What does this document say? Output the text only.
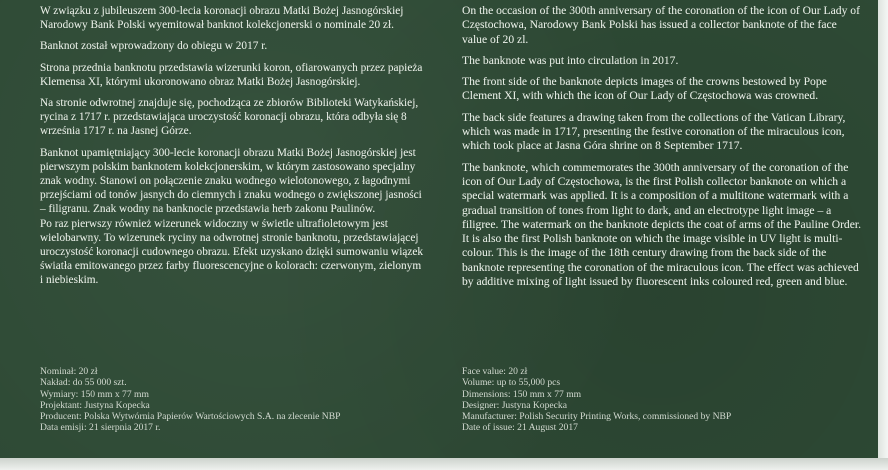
W związku z jubileuszem 300-lecia koronacji obrazu Matki Bożej Jasnogórskiej Narodowy Bank Polski wyemitował banknot kolekcjonerski o nominale 20 zł.

Banknot został wprowadzony do obiegu w 2017 r.

Strona przednia banknotu przedstawia wizerunki koron, ofiarowanych przez papieża Klemensa XI, którymi ukoronowano obraz Matki Bożej Jasnogórskiej.

Na stronie odwrotnej znajduje się, pochodząca ze zbiorów Biblioteki Watykańskiej, rycina z 1717 r. przedstawiająca uroczystość koronacji obrazu, która odbyła się 8 września 1717 r. na Jasnej Górze.

Banknot upamiętniający 300-lecie koronacji obrazu Matki Bożej Jasnogórskiej jest pierwszym polskim banknotem kolekcjonerskim, w którym zastosowano specjalny znak wodny. Stanowi on połączenie znaku wodnego wielotonowego, z łagodnymi przejściami od tonów jasnych do ciemnych i znaku wodnego o zwiększonej jasności – filigranu. Znak wodny na banknocie przedstawia herb zakonu Paulinów.

Po raz pierwszy również wizerunek widoczny w świetle ultrafioletowym jest wielobarwny. To wizerunek ryciny na odwrotnej stronie banknotu, przedstawiającej uroczystość koronacji cudownego obrazu. Efekt uzyskano dzięki sumowaniu wiązek światła emitowanego przez farby fluorescencyjne o kolorach: czerwonym, zielonym i niebieskim.

On the occasion of the 300th anniversary of the coronation of the icon of Our Lady of Częstochowa, Narodowy Bank Polski has issued a collector banknote of the face value of 20 zl.

The banknote was put into circulation in 2017.

The front side of the banknote depicts images of the crowns bestowed by Pope Clement XI, with which the icon of Our Lady of Częstochowa was crowned.

The back side features a drawing taken from the collections of the Vatican Library, which was made in 1717, presenting the festive coronation of the miraculous icon, which took place at Jasna Góra shrine on 8 September 1717.

The banknote, which commemorates the 300th anniversary of the coronation of the icon of Our Lady of Częstochowa, is the first Polish collector banknote on which a special watermark was applied. It is a composition of a multitone watermark with a gradual transition of tones from light to dark, and an electrotype light image – a filigree. The watermark on the banknote depicts the coat of arms of the Pauline Order.

It is also the first Polish banknote on which the image visible in UV light is multi-colour. This is the image of the 18th century drawing from the back side of the banknote representing the coronation of the miraculous icon. The effect was achieved by additive mixing of light issued by fluorescent inks coloured red, green and blue.

Nominał: 20 zł
Nakład: do 55 000 szt.
Wymiary: 150 mm x 77 mm
Projektant: Justyna Kopecka
Producent: Polska Wytwórnia Papierów Wartościowych S.A. na zlecenie NBP
Data emisji: 21 sierpnia 2017 r.
Face value: 20 zł
Volume: up to 55,000 pcs
Dimensions: 150 mm x 77 mm
Designer: Justyna Kopecka
Manufacturer: Polish Security Printing Works, commissioned by NBP
Date of issue: 21 August 2017
